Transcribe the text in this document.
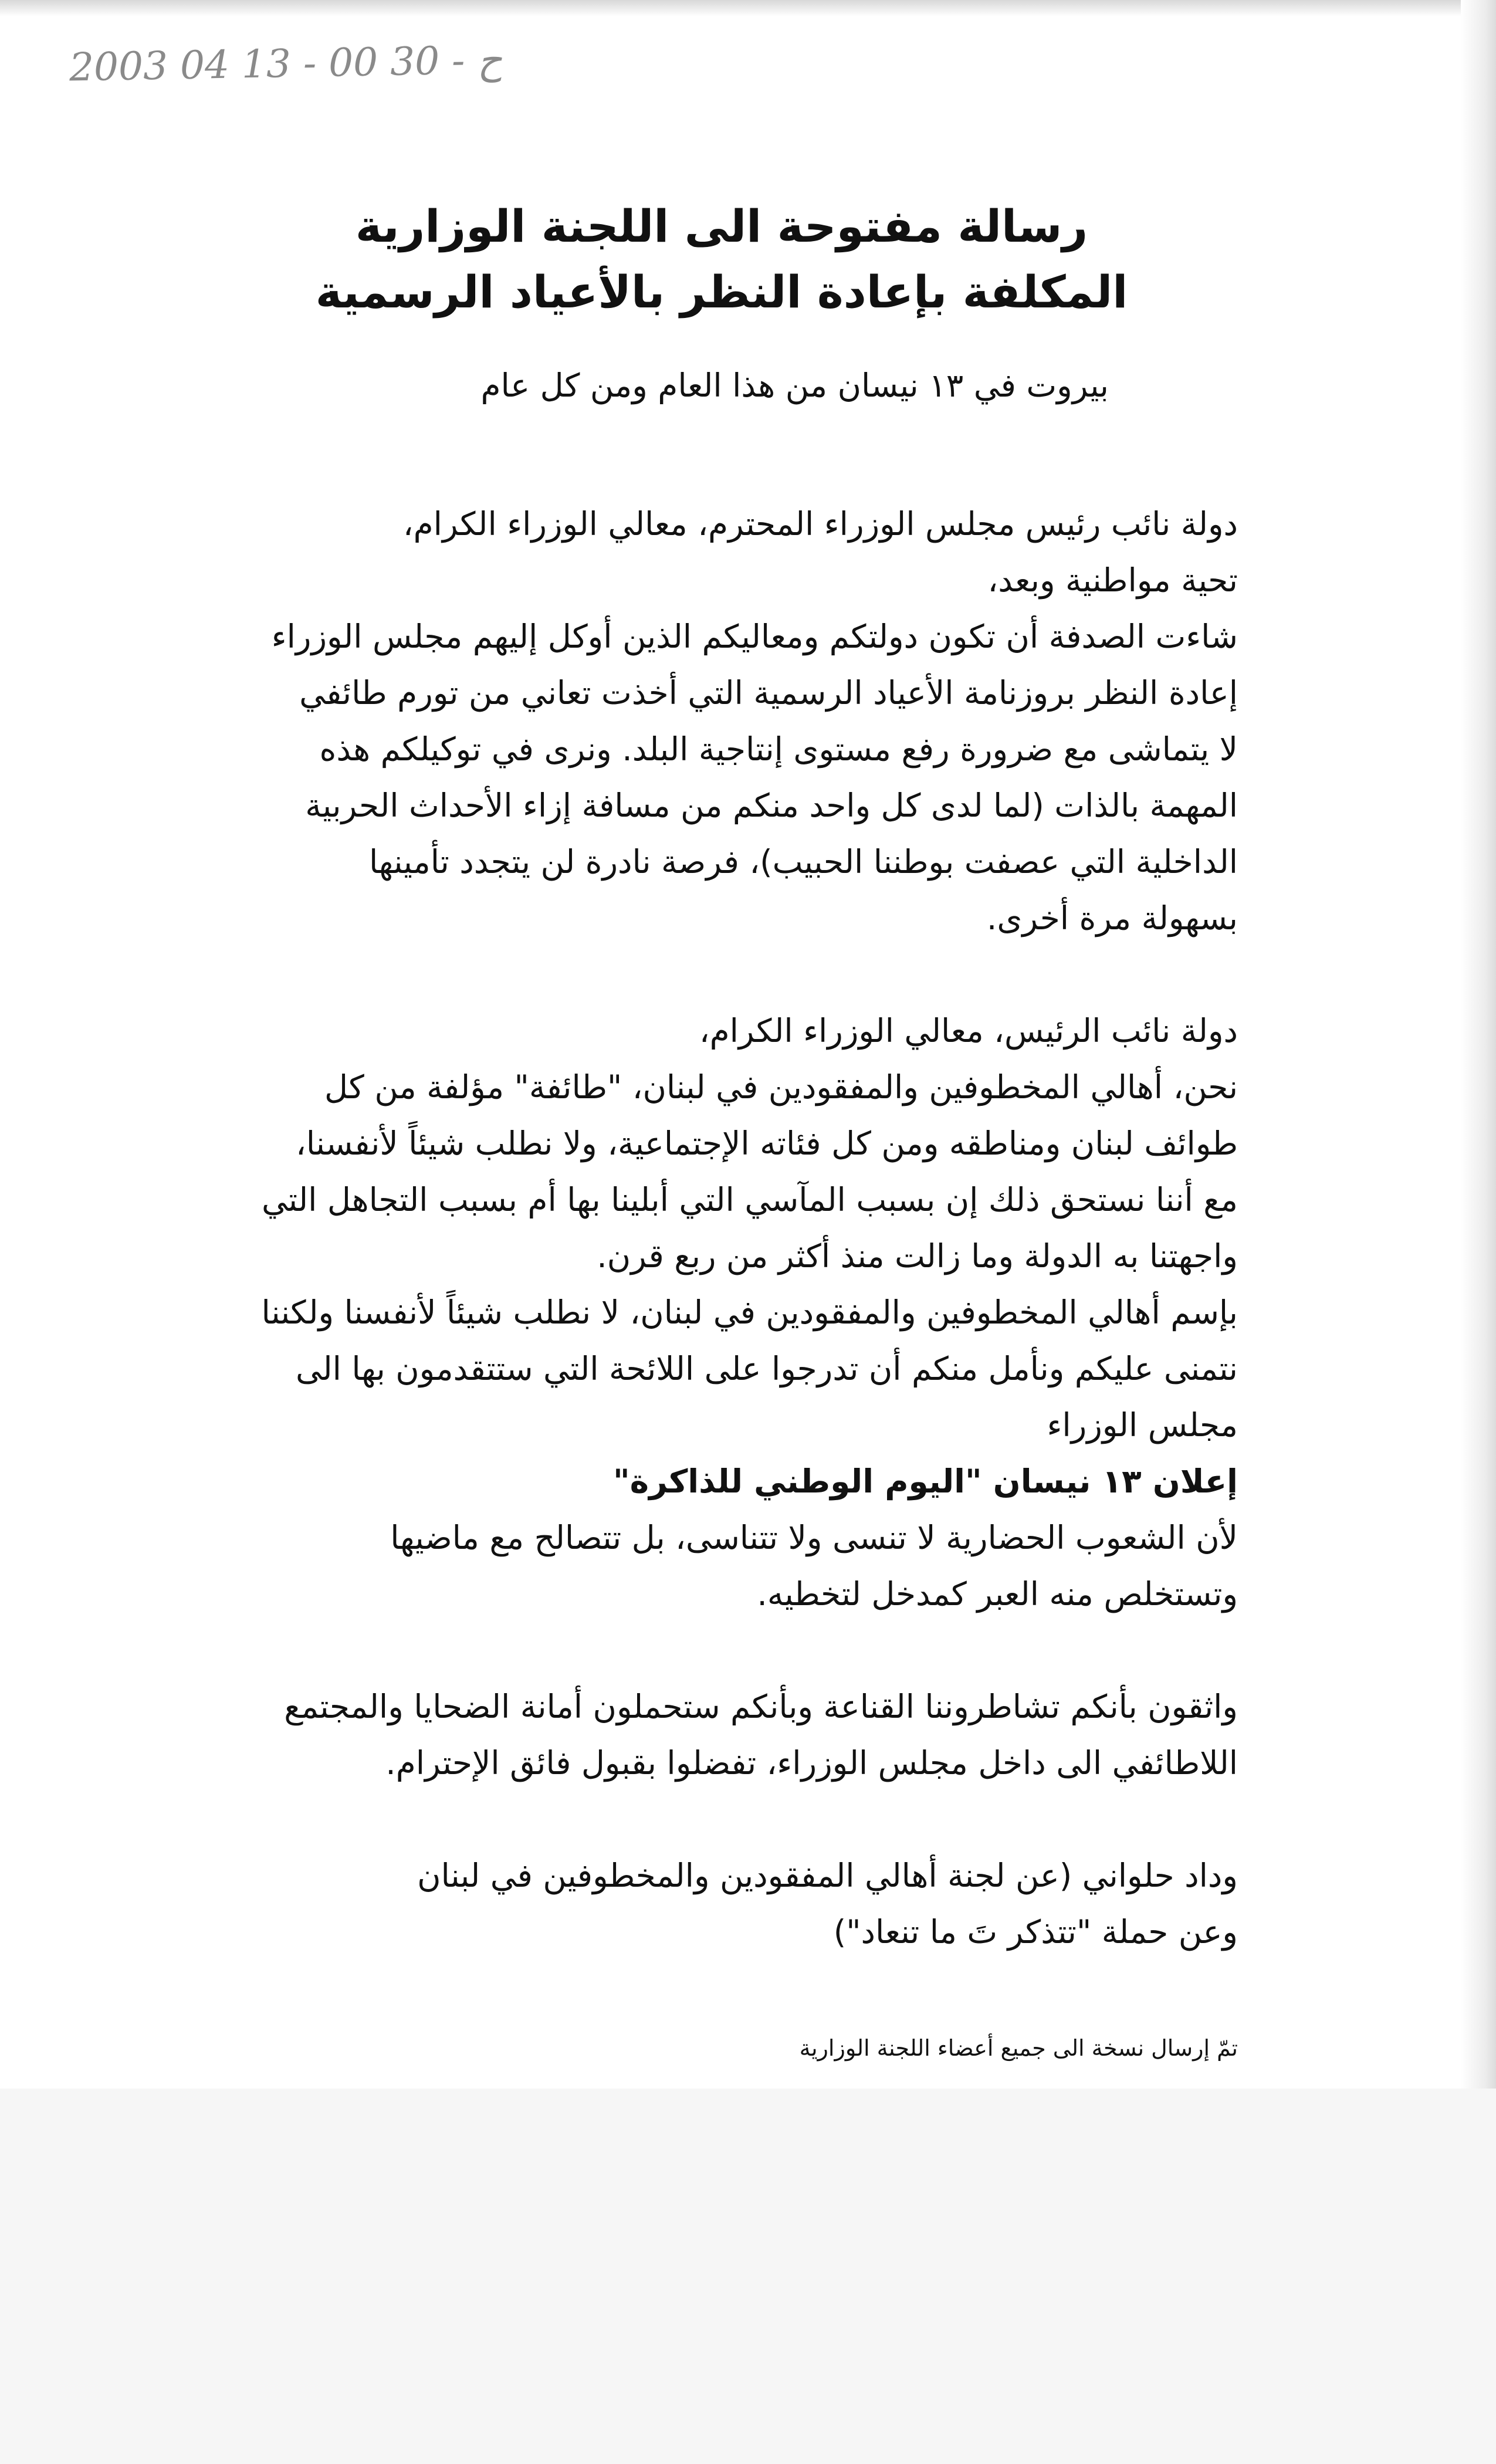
2003 04 13 - 00 30 - ح
رسالة مفتوحة الى اللجنة الوزارية
المكلفة بإعادة النظر بالأعياد الرسمية
بيروت في ١٣ نيسان من هذا العام ومن كل عام

دولة نائب رئيس مجلس الوزراء المحترم، معالي الوزراء الكرام،

تحية مواطنية وبعد،

شاءت الصدفة أن تكون دولتكم ومعاليكم الذين أوكل إليهم مجلس الوزراء

إعادة النظر بروزنامة الأعياد الرسمية التي أخذت تعاني من تورم طائفي

لا يتماشى مع ضرورة رفع مستوى إنتاجية البلد. ونرى في توكيلكم هذه

المهمة بالذات (لما لدى كل واحد منكم من مسافة إزاء الأحداث الحربية

الداخلية التي عصفت بوطننا الحبيب)، فرصة نادرة لن يتجدد تأمينها

بسهولة مرة أخرى.

دولة نائب الرئيس، معالي الوزراء الكرام،

نحن، أهالي المخطوفين والمفقودين في لبنان، "طائفة" مؤلفة من كل

طوائف لبنان ومناطقه ومن كل فئاته الإجتماعية، ولا نطلب شيئاً لأنفسنا،

مع أننا نستحق ذلك إن بسبب المآسي التي أبلينا بها أم بسبب التجاهل التي

واجهتنا به الدولة وما زالت منذ أكثر من ربع قرن.

بإسم أهالي المخطوفين والمفقودين في لبنان، لا نطلب شيئاً لأنفسنا ولكننا

نتمنى عليكم ونأمل منكم أن تدرجوا على اللائحة التي ستتقدمون بها الى

مجلس الوزراء

إعلان ١٣ نيسان "اليوم الوطني للذاكرة"

لأن الشعوب الحضارية لا تنسى ولا تتناسى، بل تتصالح مع ماضيها

وتستخلص منه العبر كمدخل لتخطيه.

واثقون بأنكم تشاطروننا القناعة وبأنكم ستحملون أمانة الضحايا والمجتمع

اللاطائفي الى داخل مجلس الوزراء، تفضلوا بقبول فائق الإحترام.

وداد حلواني (عن لجنة أهالي المفقودين والمخطوفين في لبنان

وعن حملة "تتذكر تَ ما تنعاد")

تمّ إرسال نسخة الى جميع أعضاء اللجنة الوزارية
